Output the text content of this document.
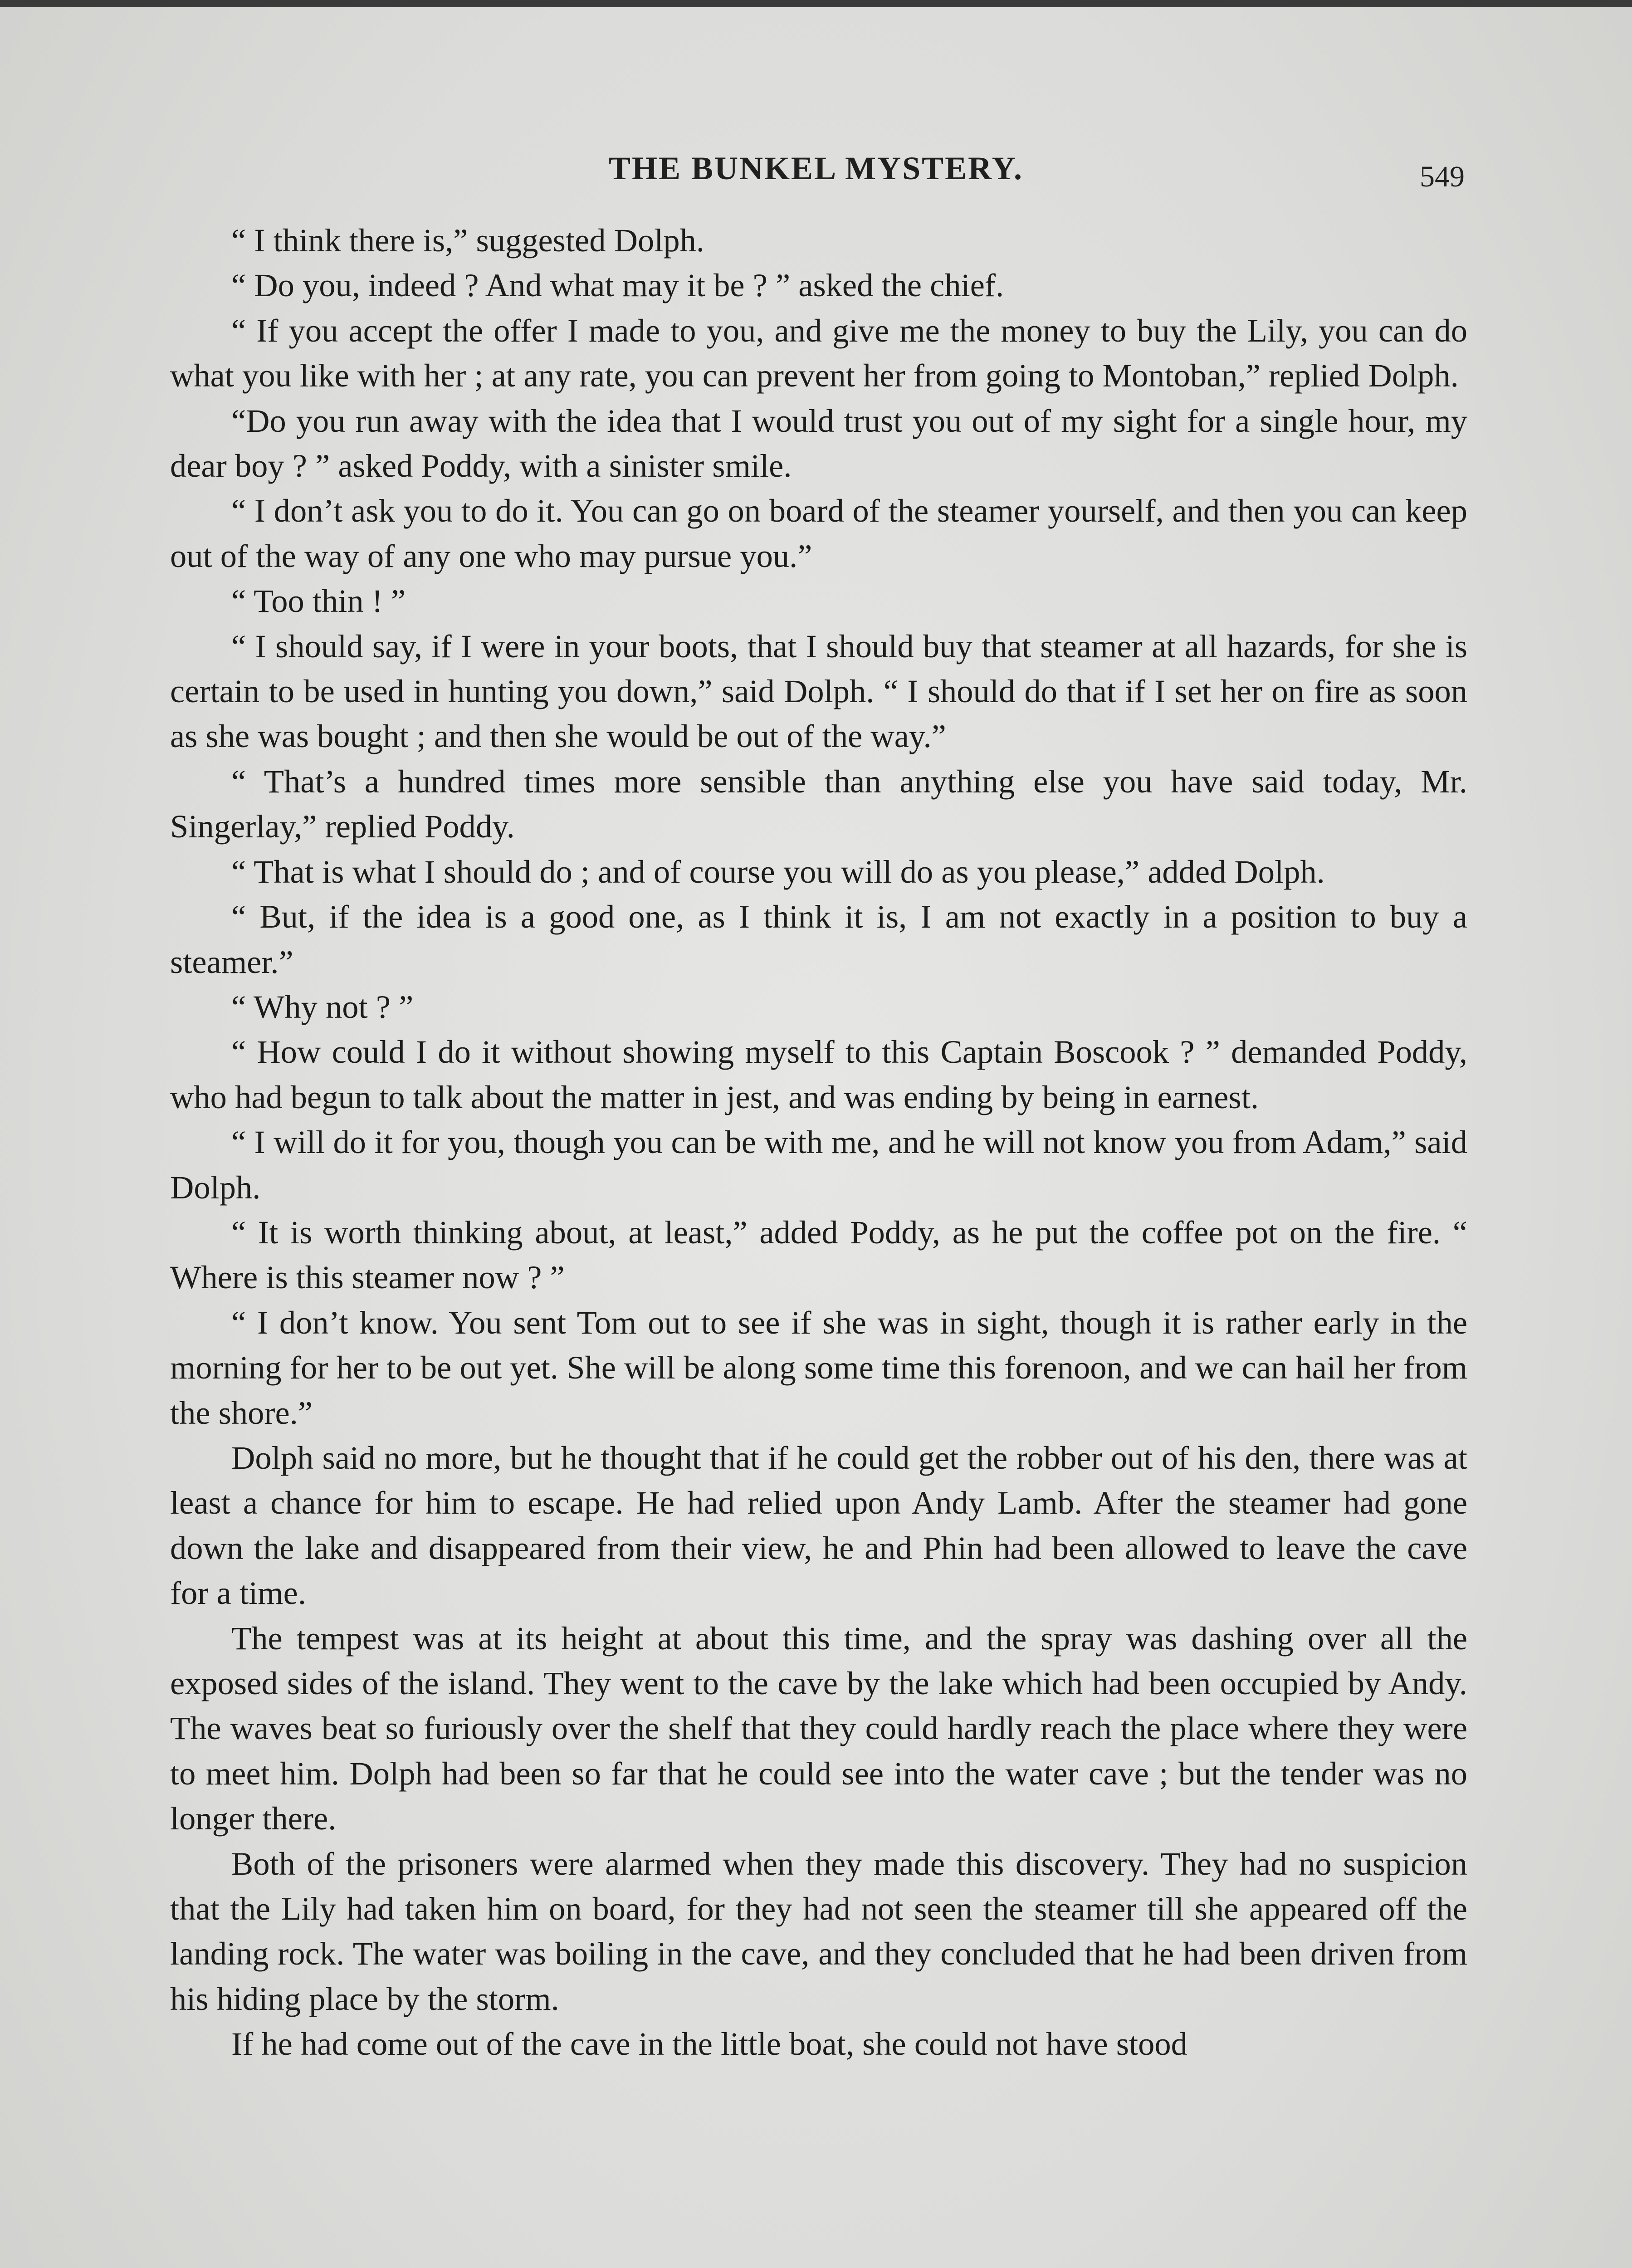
THE BUNKEL MYSTERY.	549

“ I think there is,” suggested Dolph.

“ Do you, indeed ? And what may it be ? ” asked the chief.

“ If you accept the offer I made to you, and give me the money to buy the Lily, you can do what you like with her ; at any rate, you can prevent her from going to Montoban,” replied Dolph.

“Do you run away with the idea that I would trust you out of my sight for a single hour, my dear boy ? ” asked Poddy, with a sinister smile.

“ I don’t ask you to do it. You can go on board of the steamer yourself, and then you can keep out of the way of any one who may pursue you.”

“ Too thin ! ”

“ I should say, if I were in your boots, that I should buy that steamer at all hazards, for she is certain to be used in hunting you down,” said Dolph. “ I should do that if I set her on fire as soon as she was bought ; and then she would be out of the way.”

“ That’s a hundred times more sensible than anything else you have said today, Mr. Singerlay,” replied Poddy.

“ That is what I should do ; and of course you will do as you please,” added Dolph.

“ But, if the idea is a good one, as I think it is, I am not exactly in a position to buy a steamer.”

“ Why not ? ”

“ How could I do it without showing myself to this Captain Boscook ? ” demanded Poddy, who had begun to talk about the matter in jest, and was ending by being in earnest.

“ I will do it for you, though you can be with me, and he will not know you from Adam,” said Dolph.

“ It is worth thinking about, at least,” added Poddy, as he put the coffee pot on the fire. “ Where is this steamer now ? ”

“ I don’t know. You sent Tom out to see if she was in sight, though it is rather early in the morning for her to be out yet. She will be along some time this forenoon, and we can hail her from the shore.”

Dolph said no more, but he thought that if he could get the robber out of his den, there was at least a chance for him to escape. He had relied upon Andy Lamb. After the steamer had gone down the lake and disappeared from their view, he and Phin had been allowed to leave the cave for a time.

The tempest was at its height at about this time, and the spray was dashing over all the exposed sides of the island. They went to the cave by the lake which had been occupied by Andy. The waves beat so furiously over the shelf that they could hardly reach the place where they were to meet him. Dolph had been so far that he could see into the water cave ; but the tender was no longer there.

Both of the prisoners were alarmed when they made this discovery. They had no suspicion that the Lily had taken him on board, for they had not seen the steamer till she appeared off the landing rock. The water was boiling in the cave, and they concluded that he had been driven from his hiding place by the storm.

If he had come out of the cave in the little boat, she could not have stood
